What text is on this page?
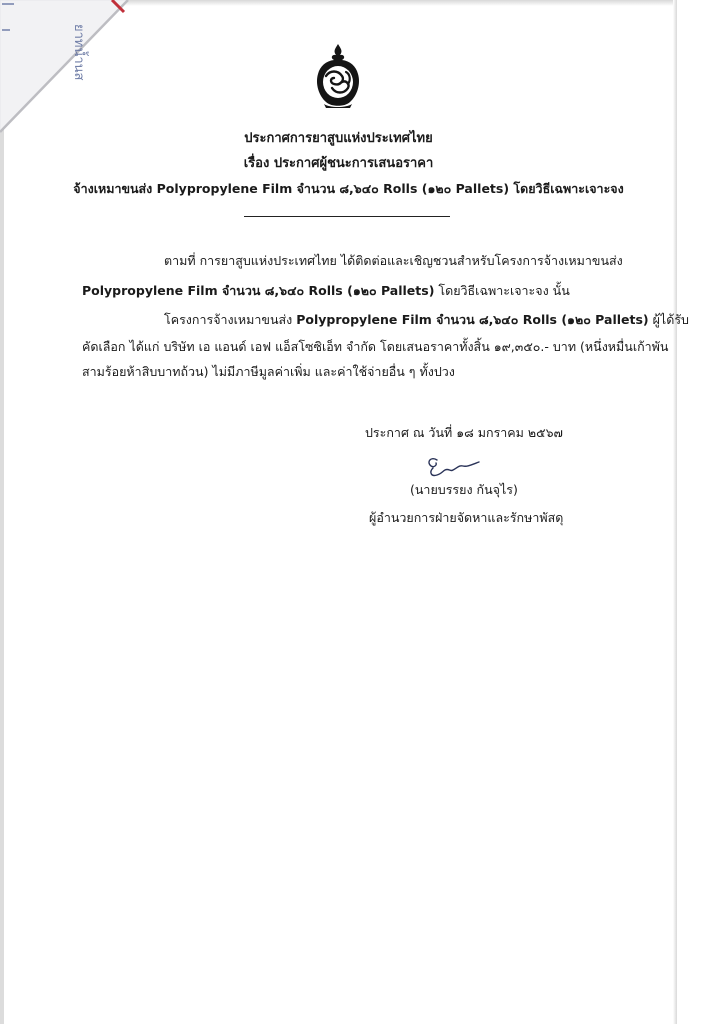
ยาทน้ำนส
ประกาศการยาสูบแห่งประเทศไทย
เรื่อง ประกาศผู้ชนะการเสนอราคา
จ้างเหมาขนส่ง Polypropylene Film จำนวน ๘,๖๔๐ Rolls (๑๒๐ Pallets) โดยวิธีเฉพาะเจาะจง
ตามที่ การยาสูบแห่งประเทศไทย ได้ติดต่อและเชิญชวนสำหรับโครงการจ้างเหมาขนส่ง
Polypropylene Film จำนวน ๘,๖๔๐ Rolls (๑๒๐ Pallets) โดยวิธีเฉพาะเจาะจง นั้น
โครงการจ้างเหมาขนส่ง Polypropylene Film จำนวน ๘,๖๔๐ Rolls (๑๒๐ Pallets) ผู้ได้รับ
คัดเลือก ได้แก่ บริษัท เอ แอนด์ เอฟ แอ็สโซซิเอ็ท จำกัด โดยเสนอราคาทั้งสิ้น ๑๙,๓๕๐.- บาท (หนึ่งหมื่นเก้าพัน
สามร้อยห้าสิบบาทถ้วน) ไม่มีภาษีมูลค่าเพิ่ม และค่าใช้จ่ายอื่น ๆ ทั้งปวง
ประกาศ ณ วันที่ ๑๘ มกราคม ๒๕๖๗
(นายบรรยง กันจุไร)
ผู้อำนวยการฝ่ายจัดหาและรักษาพัสดุ
